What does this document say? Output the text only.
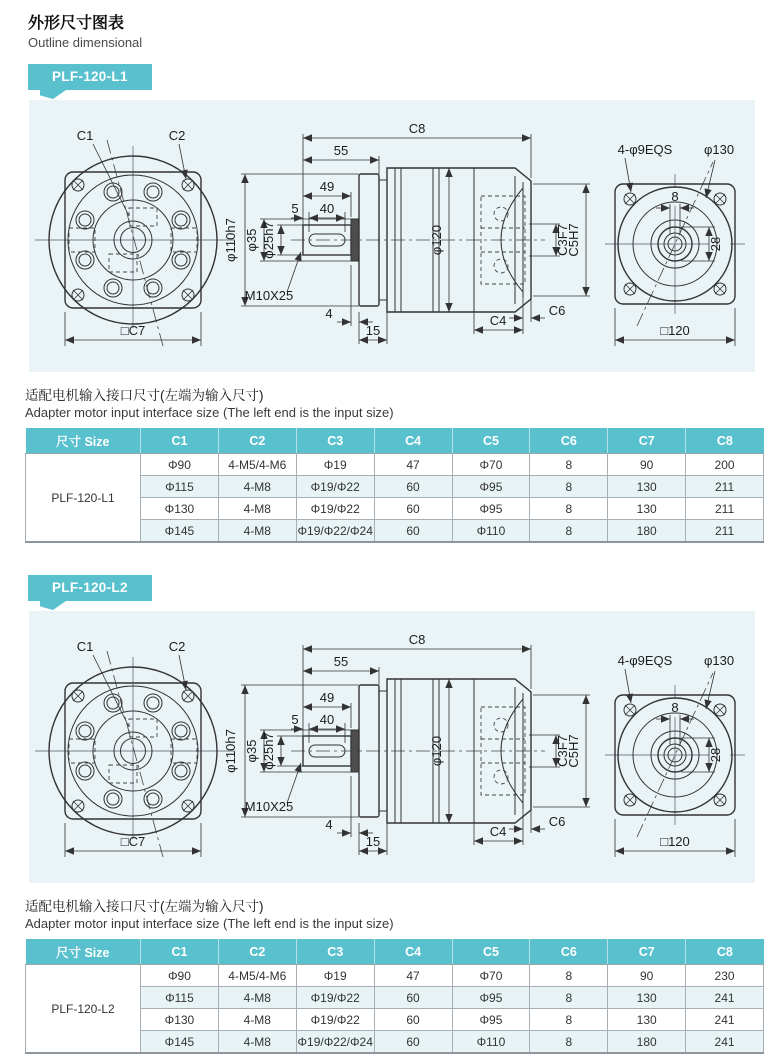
外形尺寸图表

Outline dimensional

PLF-120-L1
C1	C2
□C7
C8
55
49
5 40
φ110h7 φ35 φ25h7
M10X25
φ120	C3F7
C5H7
4
15
C4
C6
8
28
4-φ9EQS φ130
□120

适配电机输入接口尺寸(左端为输入尺寸)

Adapter motor input interface size (The left end is the input size)

尺寸 Size	C1	C2	C3	C4	C5	C6	C7	C8
PLF-120-L1	Φ90	4-M5/4-M6	Φ19	47	Φ70	8	90	200
	Φ115	4-M8	Φ19/Φ22	60	Φ95	8	130	211
	Φ130	4-M8	Φ19/Φ22	60	Φ95	8	130	211
	Φ145	4-M8	Φ19/Φ22/Φ24	60	Φ110	8	180	211
PLF-120-L2
C1	C2
□C7
C8
55
49
5 40
φ110h7 φ35 φ25h7
M10X25
φ120	C3F7
C5H7
4
15
C4
C6
8
28
4-φ9EQS φ130
□120

适配电机输入接口尺寸(左端为输入尺寸)

Adapter motor input interface size (The left end is the input size)

尺寸 Size	C1	C2	C3	C4	C5	C6	C7	C8
PLF-120-L2	Φ90	4-M5/4-M6	Φ19	47	Φ70	8	90	230
	Φ115	4-M8	Φ19/Φ22	60	Φ95	8	130	241
	Φ130	4-M8	Φ19/Φ22	60	Φ95	8	130	241
	Φ145	4-M8	Φ19/Φ22/Φ24	60	Φ110	8	180	241
